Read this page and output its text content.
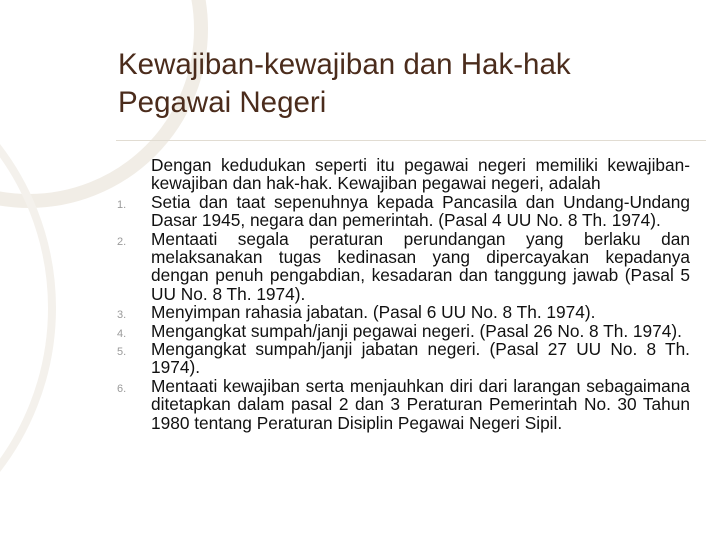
Kewajiban-kewajiban dan Hak-hak
Pegawai Negeri

Dengan kedudukan seperti itu pegawai negeri memiliki kewajiban-kewajiban dan hak-hak. Kewajiban pegawai negeri, adalah

Setia dan taat sepenuhnya kepada Pancasila dan Undang-Undang Dasar 1945, negara dan pemerintah. (Pasal 4 UU No. 8 Th. 1974).
Mentaati segala peraturan perundangan yang berlaku dan melaksanakan tugas kedinasan yang dipercayakan kepadanya dengan penuh pengabdian, kesadaran dan tanggung jawab (Pasal 5 UU No. 8 Th. 1974).
Menyimpan rahasia jabatan. (Pasal 6 UU No. 8 Th. 1974).
Mengangkat sumpah/janji pegawai negeri. (Pasal 26 No. 8 Th. 1974).
Mengangkat sumpah/janji jabatan negeri. (Pasal 27 UU No. 8 Th. 1974).
Mentaati kewajiban serta menjauhkan diri dari larangan sebagaimana ditetapkan dalam pasal 2 dan 3 Peraturan Pemerintah No. 30 Tahun 1980 tentang Peraturan Disiplin Pegawai Negeri Sipil.
